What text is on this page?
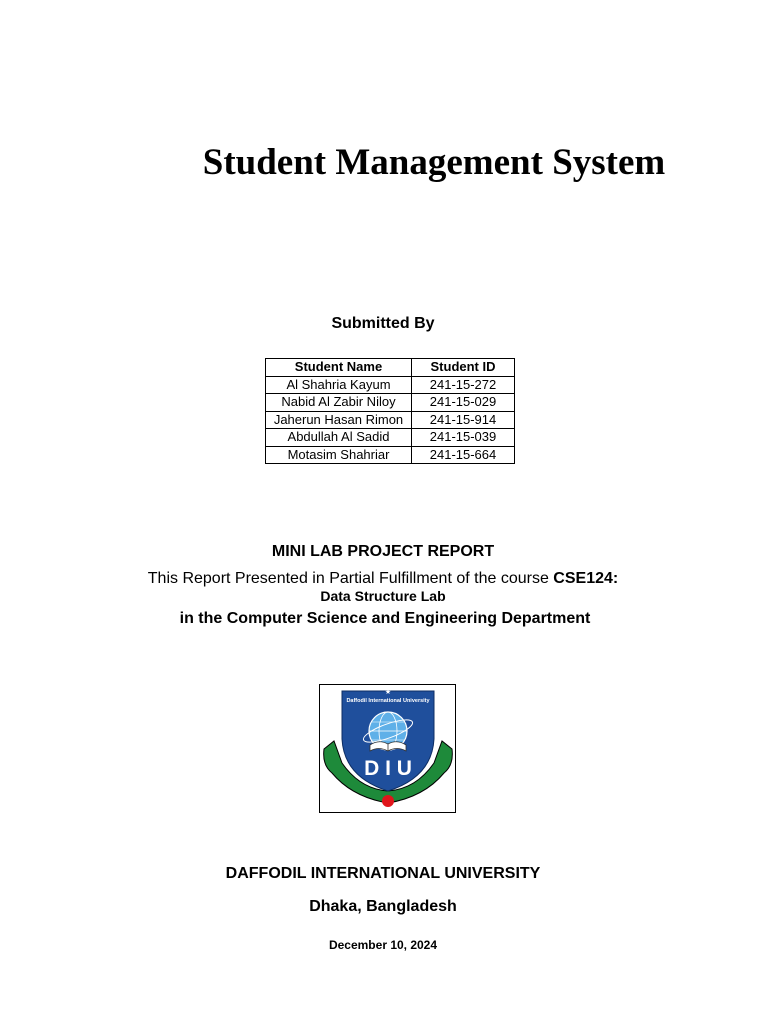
Student Management System
Submitted By
Student Name	Student ID
Al Shahria Kayum	241-15-272
Nabid Al Zabir Niloy	241-15-029
Jaherun Hasan Rimon	241-15-914
Abdullah Al Sadid	241-15-039
Motasim Shahriar	241-15-664
MINI LAB PROJECT REPORT
This Report Presented in Partial Fulfillment of the course CSE124:
Data Structure Lab
in the Computer Science and Engineering Department
★
Daffodil International University
D I U
DAFFODIL INTERNATIONAL UNIVERSITY
Dhaka, Bangladesh
December 10, 2024
